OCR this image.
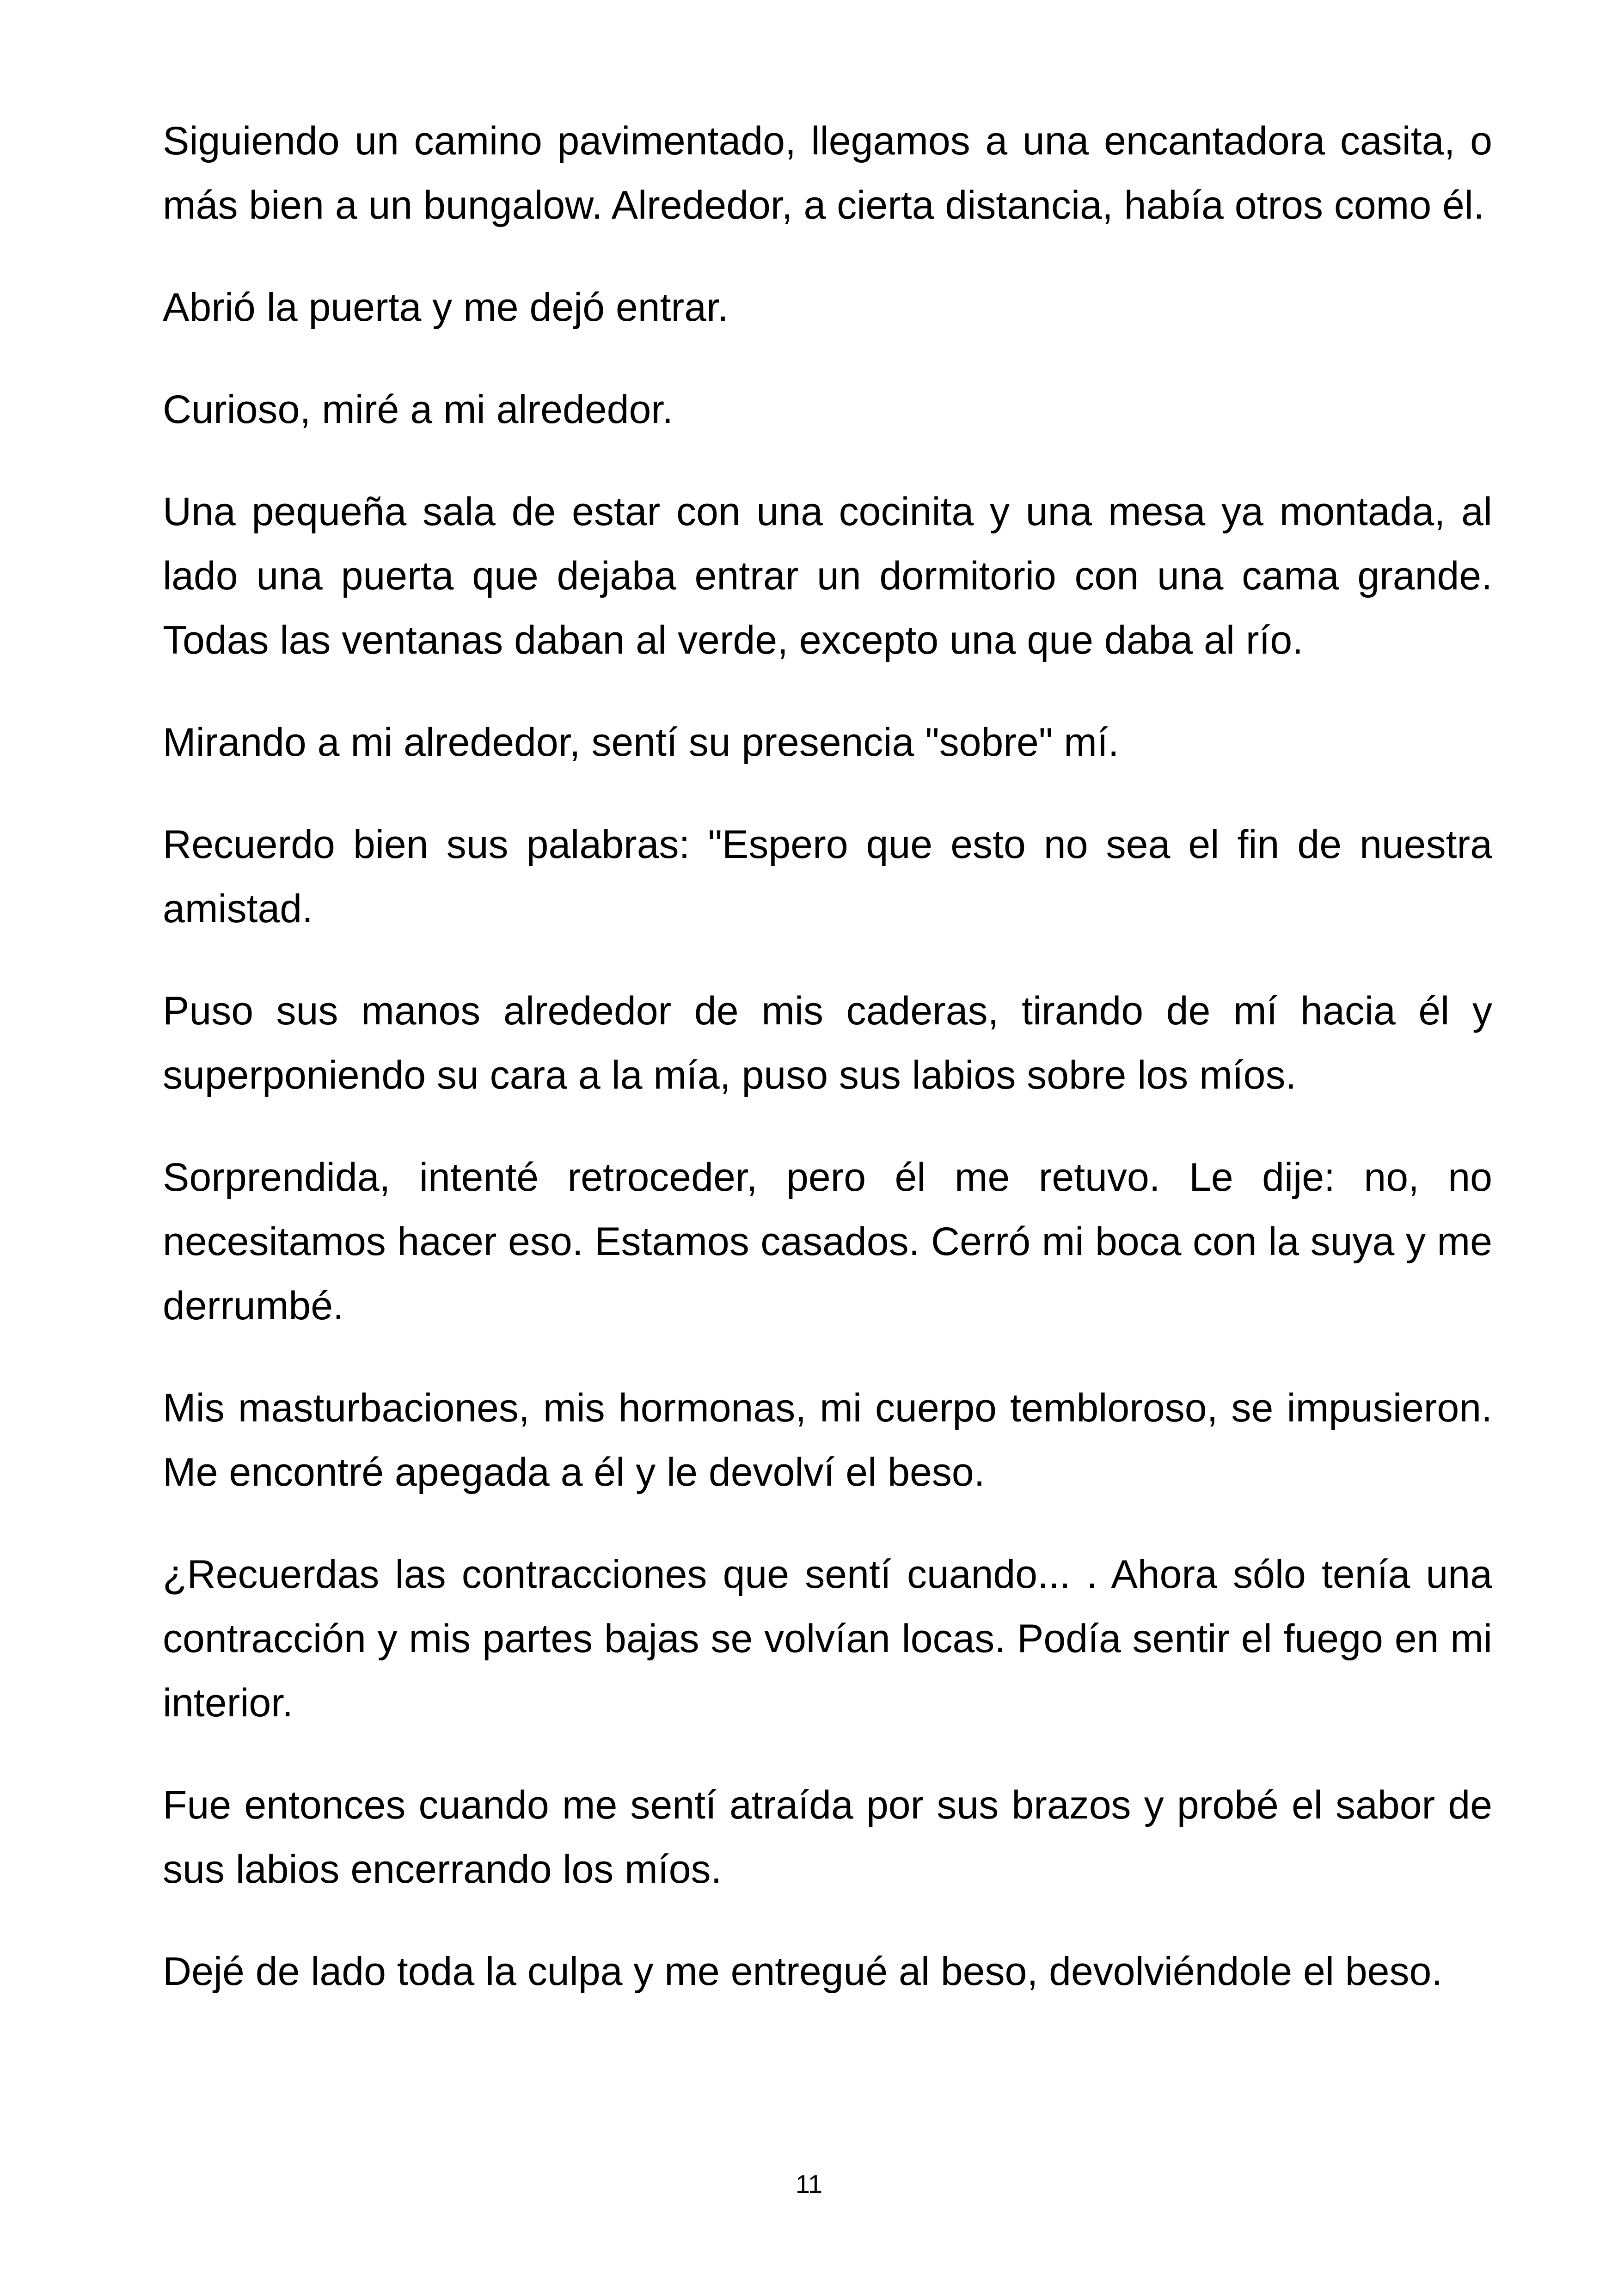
Siguiendo un camino pavimentado, llegamos a una encantadora casita, o más bien a un bungalow. Alrededor, a cierta distancia, había otros como él.

Abrió la puerta y me dejó entrar.

Curioso, miré a mi alrededor.

Una pequeña sala de estar con una cocinita y una mesa ya montada, al lado una puerta que dejaba entrar un dormitorio con una cama grande. Todas las ventanas daban al verde, excepto una que daba al río.

Mirando a mi alrededor, sentí su presencia "sobre" mí.

Recuerdo bien sus palabras: "Espero que esto no sea el fin de nuestra amistad.

Puso sus manos alrededor de mis caderas, tirando de mí hacia él y superponiendo su cara a la mía, puso sus labios sobre los míos.

Sorprendida, intenté retroceder, pero él me retuvo. Le dije: no, no necesitamos hacer eso. Estamos casados. Cerró mi boca con la suya y me derrumbé.

Mis masturbaciones, mis hormonas, mi cuerpo tembloroso, se impusieron. Me encontré apegada a él y le devolví el beso.

¿Recuerdas las contracciones que sentí cuando... . Ahora sólo tenía una contracción y mis partes bajas se volvían locas. Podía sentir el fuego en mi interior.

Fue entonces cuando me sentí atraída por sus brazos y probé el sabor de sus labios encerrando los míos.

Dejé de lado toda la culpa y me entregué al beso, devolviéndole el beso.

11
